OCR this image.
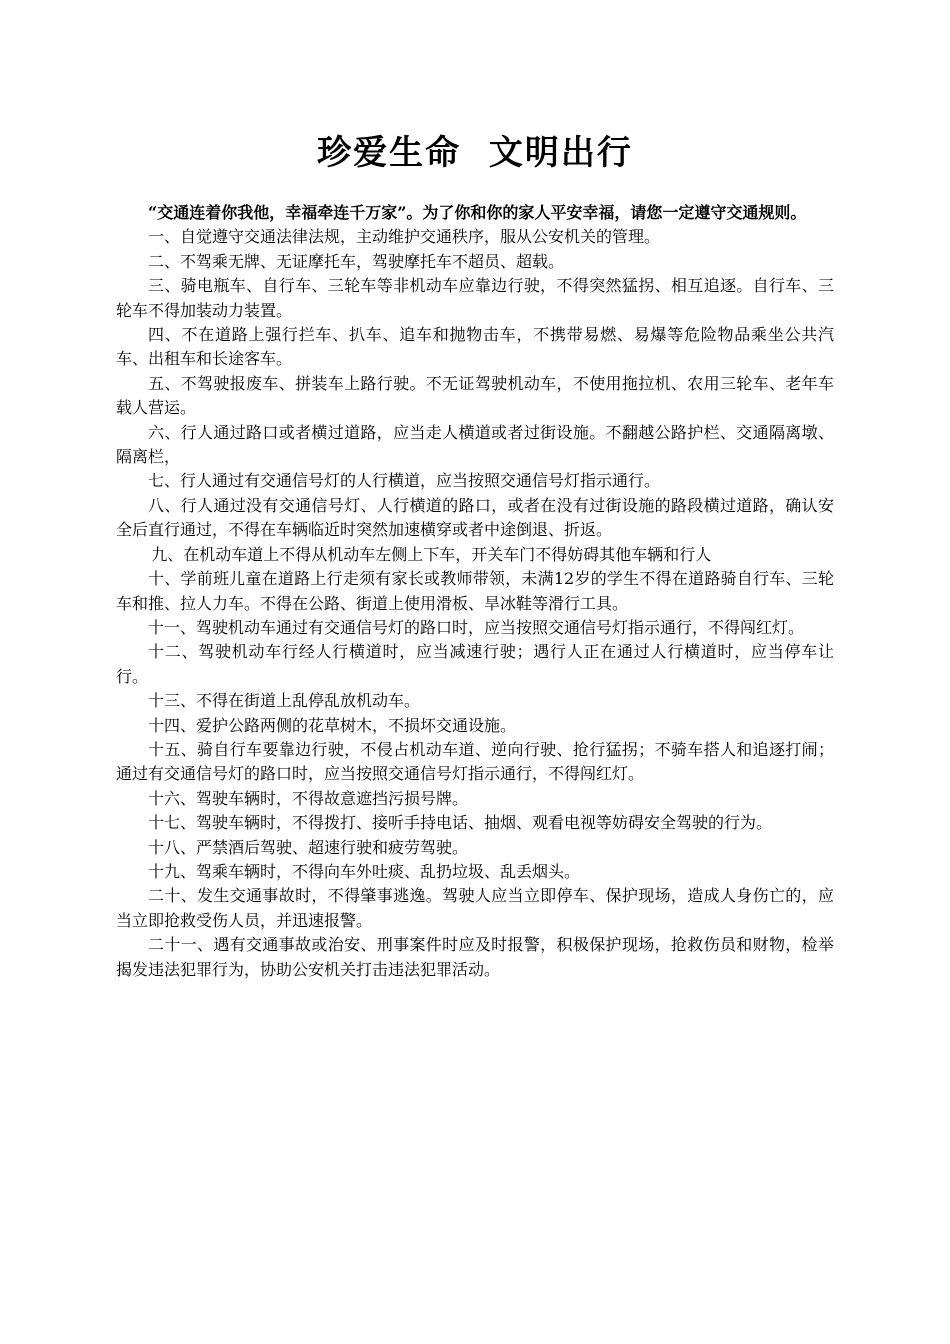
珍爱生命  文明出行

“交通连着你我他，幸福牵连千万家”。为了你和你的家人平安幸福，请您一定遵守交通规则。

一、自觉遵守交通法律法规，主动维护交通秩序，服从公安机关的管理。

二、不驾乘无牌、无证摩托车，驾驶摩托车不超员、超载。

三、骑电瓶车、自行车、三轮车等非机动车应靠边行驶，不得突然猛拐、相互追逐。自行车、三轮车不得加装动力装置。

四、不在道路上强行拦车、扒车、追车和抛物击车，不携带易燃、易爆等危险物品乘坐公共汽车、出租车和长途客车。

五、不驾驶报废车、拼装车上路行驶。不无证驾驶机动车，不使用拖拉机、农用三轮车、老年车载人营运。

六、行人通过路口或者横过道路，应当走人横道或者过街设施。不翻越公路护栏、交通隔离墩、隔离栏，

七、行人通过有交通信号灯的人行横道，应当按照交通信号灯指示通行。

八、行人通过没有交通信号灯、人行横道的路口，或者在没有过街设施的路段横过道路，确认安全后直行通过，不得在车辆临近时突然加速横穿或者中途倒退、折返。

九、在机动车道上不得从机动车左侧上下车，开关车门不得妨碍其他车辆和行人

十、学前班儿童在道路上行走须有家长或教师带领，未满12岁的学生不得在道路骑自行车、三轮车和推、拉人力车。不得在公路、街道上使用滑板、旱冰鞋等滑行工具。

十一、驾驶机动车通过有交通信号灯的路口时，应当按照交通信号灯指示通行，不得闯红灯。

十二、驾驶机动车行经人行横道时，应当减速行驶；遇行人正在通过人行横道时，应当停车让行。

十三、不得在街道上乱停乱放机动车。

十四、爱护公路两侧的花草树木，不损坏交通设施。

十五、骑自行车要靠边行驶，不侵占机动车道、逆向行驶、抢行猛拐；不骑车搭人和追逐打闹；通过有交通信号灯的路口时，应当按照交通信号灯指示通行，不得闯红灯。

十六、驾驶车辆时，不得故意遮挡污损号牌。

十七、驾驶车辆时，不得拨打、接听手持电话、抽烟、观看电视等妨碍安全驾驶的行为。

十八、严禁酒后驾驶、超速行驶和疲劳驾驶。

十九、驾乘车辆时，不得向车外吐痰、乱扔垃圾、乱丢烟头。

二十、发生交通事故时，不得肇事逃逸。驾驶人应当立即停车、保护现场，造成人身伤亡的，应当立即抢救受伤人员，并迅速报警。

二十一、遇有交通事故或治安、刑事案件时应及时报警，积极保护现场，抢救伤员和财物，检举揭发违法犯罪行为，协助公安机关打击违法犯罪活动。
